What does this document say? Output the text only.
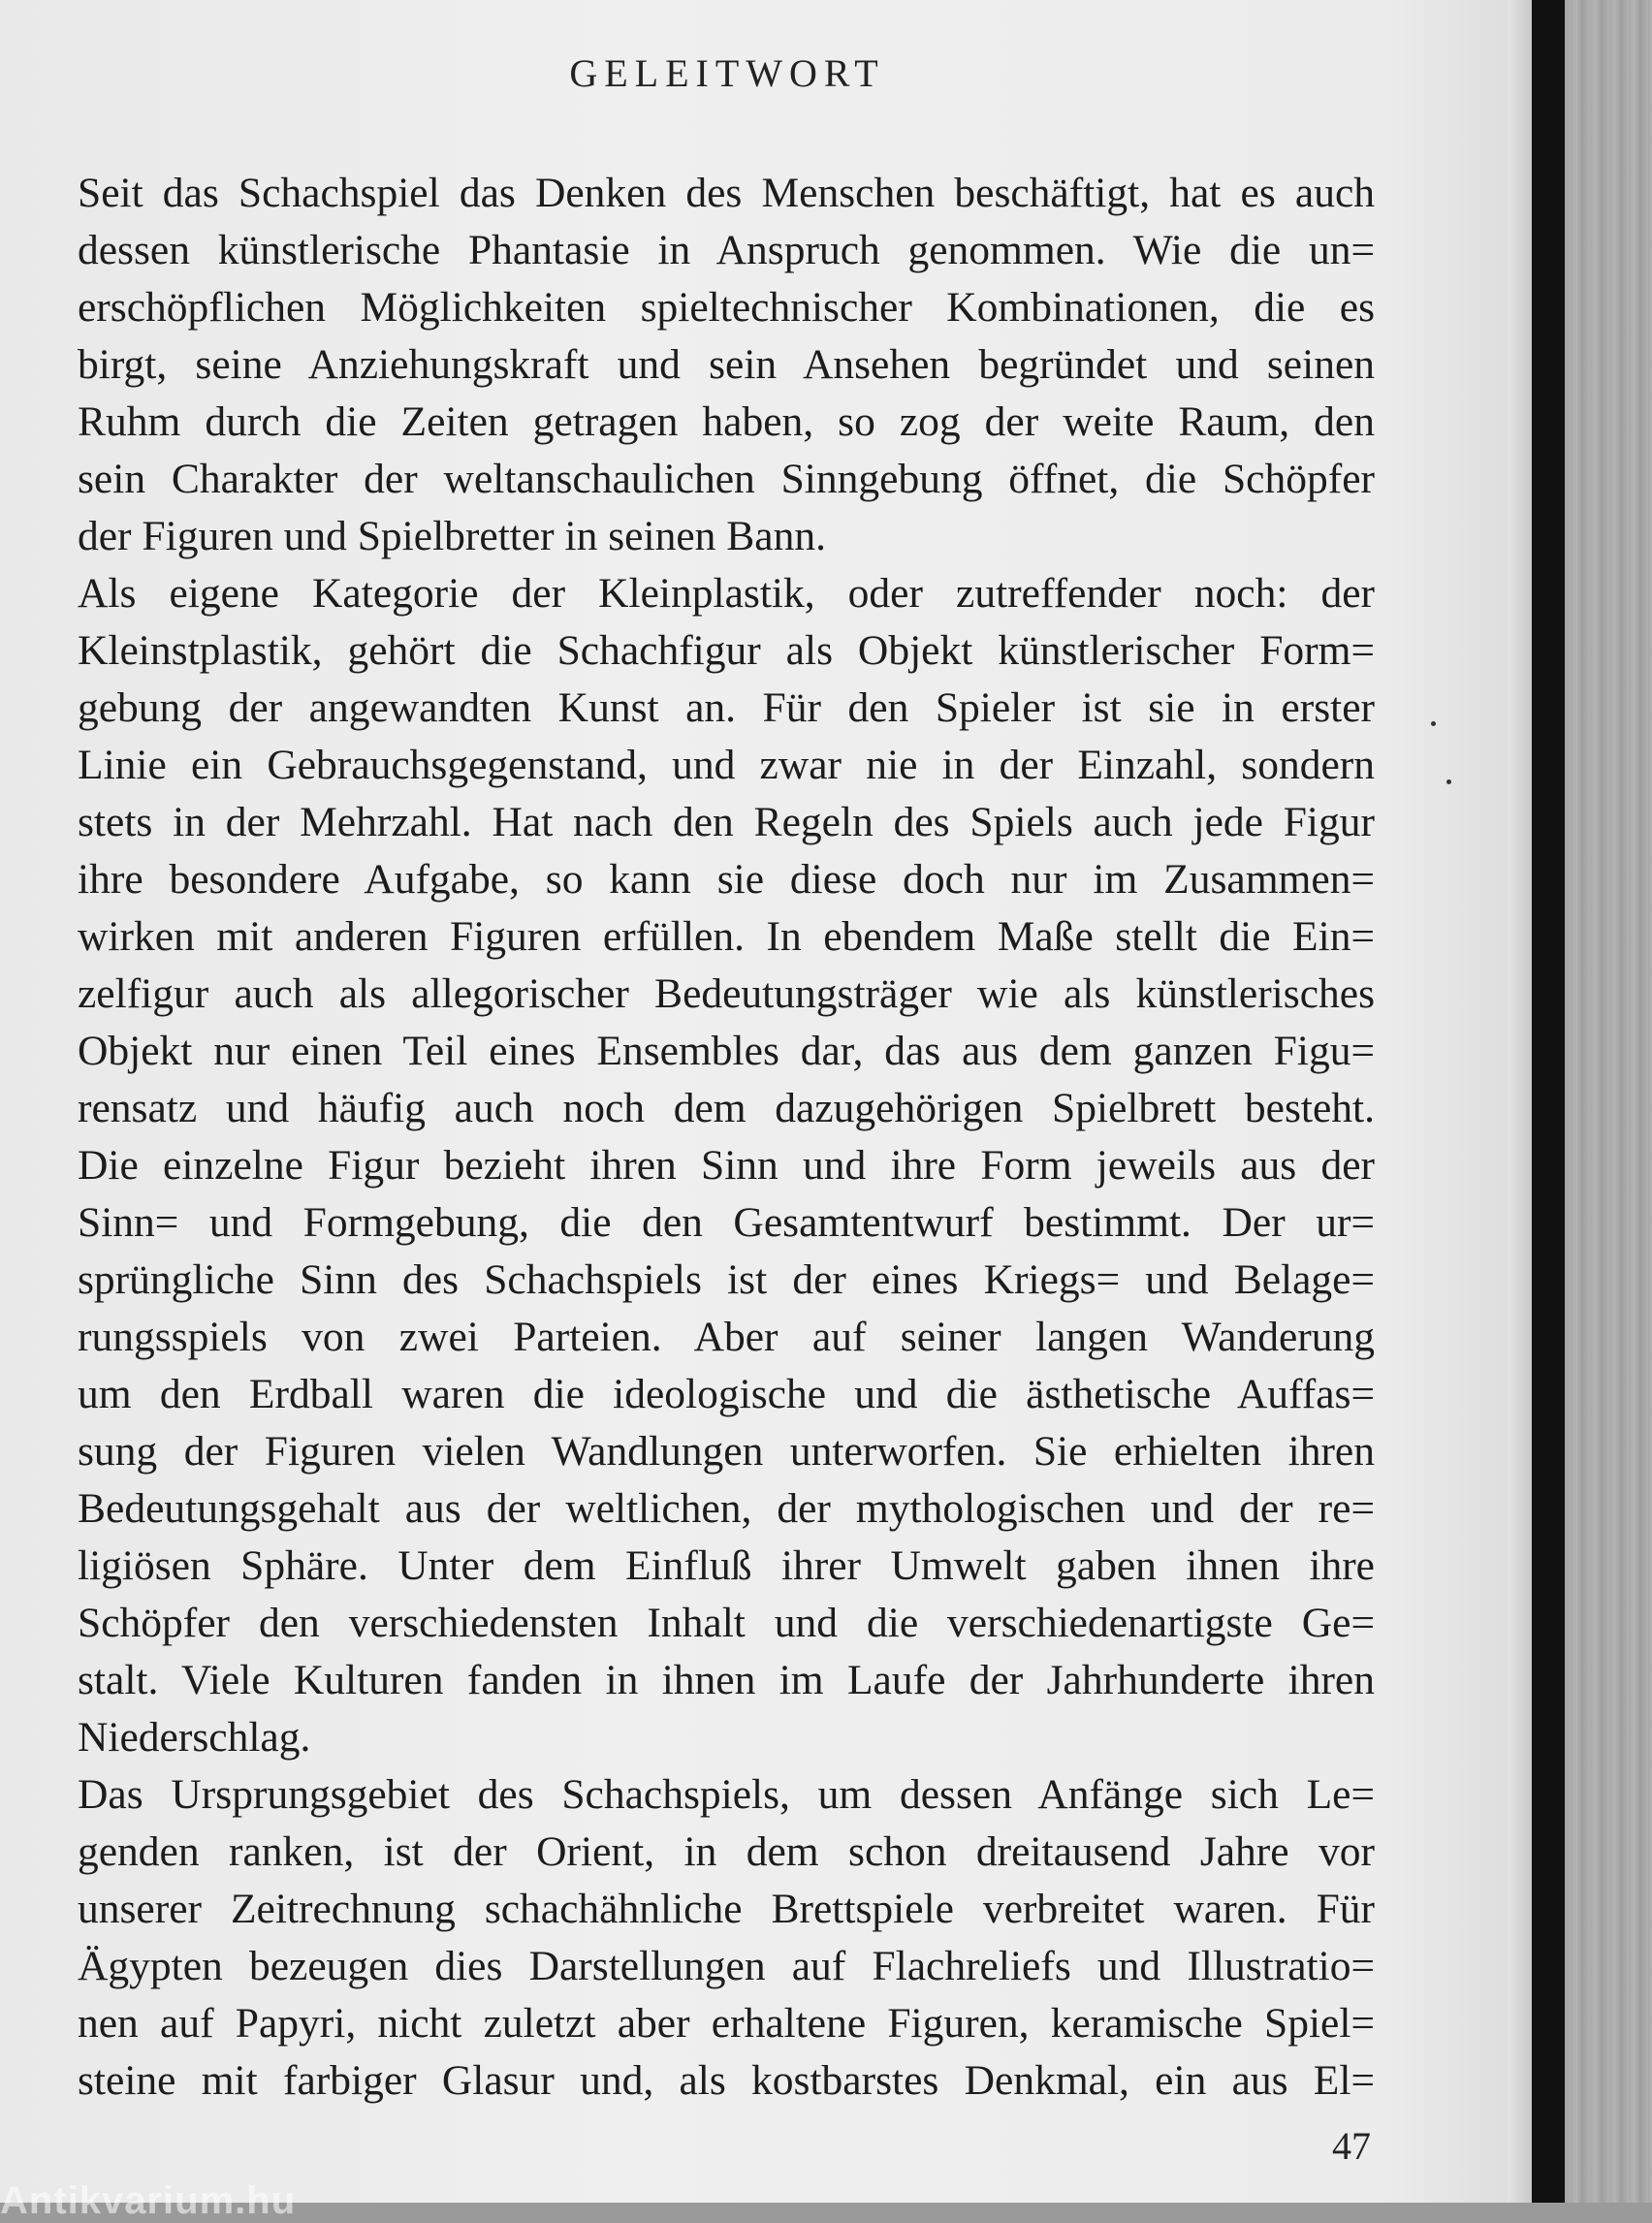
GELEITWORT

Seit das Schachspiel das Denken des Menschen beschäftigt, hat es auch
dessen künstlerische Phantasie in Anspruch genommen. Wie die un=
erschöpflichen Möglichkeiten spieltechnischer Kombinationen, die es
birgt, seine Anziehungskraft und sein Ansehen begründet und seinen
Ruhm durch die Zeiten getragen haben, so zog der weite Raum, den
sein Charakter der weltanschaulichen Sinngebung öffnet, die Schöpfer
der Figuren und Spielbretter in seinen Bann.

Als eigene Kategorie der Kleinplastik, oder zutreffender noch: der
Kleinstplastik, gehört die Schachfigur als Objekt künstlerischer Form=
gebung der angewandten Kunst an. Für den Spieler ist sie in erster
Linie ein Gebrauchsgegenstand, und zwar nie in der Einzahl, sondern
stets in der Mehrzahl. Hat nach den Regeln des Spiels auch jede Figur
ihre besondere Aufgabe, so kann sie diese doch nur im Zusammen=
wirken mit anderen Figuren erfüllen. In ebendem Maße stellt die Ein=
zelfigur auch als allegorischer Bedeutungsträger wie als künstlerisches
Objekt nur einen Teil eines Ensembles dar, das aus dem ganzen Figu=
rensatz und häufig auch noch dem dazugehörigen Spielbrett besteht.
Die einzelne Figur bezieht ihren Sinn und ihre Form jeweils aus der
Sinn= und Formgebung, die den Gesamtentwurf bestimmt. Der ur=
sprüngliche Sinn des Schachspiels ist der eines Kriegs= und Belage=
rungsspiels von zwei Parteien. Aber auf seiner langen Wanderung
um den Erdball waren die ideologische und die ästhetische Auffas=
sung der Figuren vielen Wandlungen unterworfen. Sie erhielten ihren
Bedeutungsgehalt aus der weltlichen, der mythologischen und der re=
ligiösen Sphäre. Unter dem Einfluß ihrer Umwelt gaben ihnen ihre
Schöpfer den verschiedensten Inhalt und die verschiedenartigste Ge=
stalt. Viele Kulturen fanden in ihnen im Laufe der Jahrhunderte ihren
Niederschlag.

Das Ursprungsgebiet des Schachspiels, um dessen Anfänge sich Le=
genden ranken, ist der Orient, in dem schon dreitausend Jahre vor
unserer Zeitrechnung schachähnliche Brettspiele verbreitet waren. Für
Ägypten bezeugen dies Darstellungen auf Flachreliefs und Illustratio=
nen auf Papyri, nicht zuletzt aber erhaltene Figuren, keramische Spiel=
steine mit farbiger Glasur und, als kostbarstes Denkmal, ein aus El=

47
Antikvarium.hu
